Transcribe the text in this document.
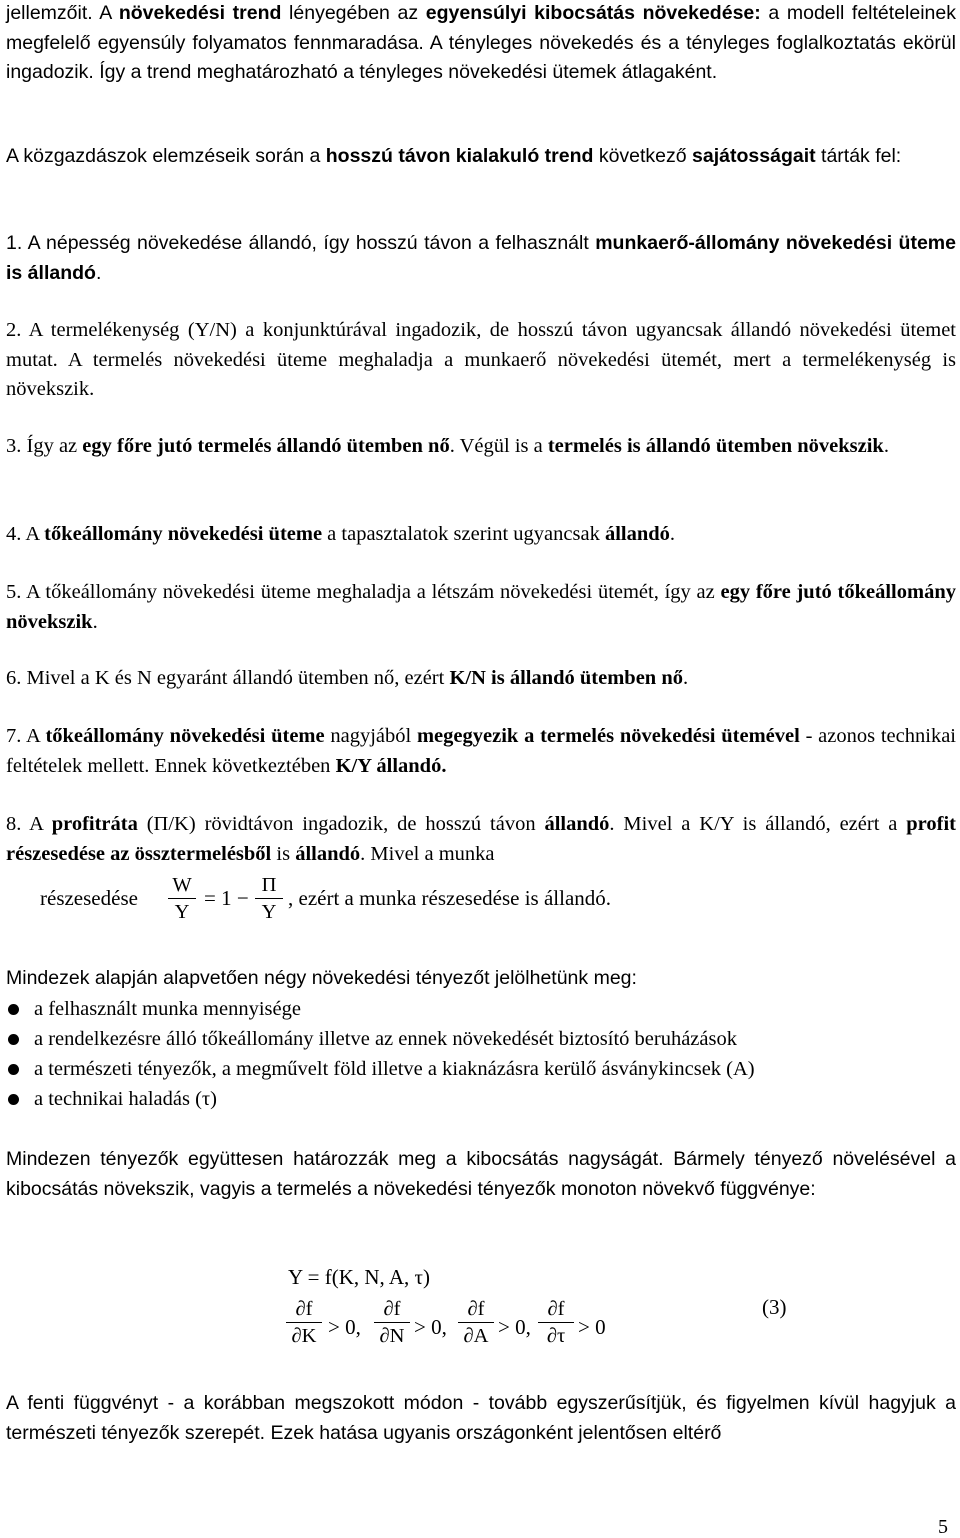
jellemzőit. A növekedési trend lényegében az egyensúlyi kibocsátás növekedése: a modell feltételeinek megfelelő egyensúly folyamatos fennmaradása. A tényleges növekedés és a tényleges foglalkoztatás ekörül ingadozik. Így a trend meghatározható a tényleges növekedési ütemek átlagaként.

A közgazdászok elemzéseik során a hosszú távon kialakuló trend következő sajátosságait tárták fel:

1. A népesség növekedése állandó, így hosszú távon a felhasznált munkaerő-állomány növekedési üteme is állandó.

2. A termelékenység (Y/N) a konjunktúrával ingadozik, de hosszú távon ugyancsak állandó növekedési ütemet mutat. A termelés növekedési üteme meghaladja a munkaerő növekedési ütemét, mert a termelékenység is növekszik.

3. Így az egy főre jutó termelés állandó ütemben nő. Végül is a termelés is állandó ütemben növekszik.

4. A tőkeállomány növekedési üteme a tapasztalatok szerint ugyancsak állandó.

5. A tőkeállomány növekedési üteme meghaladja a létszám növekedési ütemét, így az egy főre jutó tőkeállomány növekszik.

6. Mivel a K és N egyaránt állandó ütemben nő, ezért K/N is állandó ütemben nő.

7. A tőkeállomány növekedési üteme nagyjából megegyezik a termelés növekedési ütemével - azonos technikai feltételek mellett. Ennek következtében K/Y állandó.

8. A profitráta (Π/K) rövidtávon ingadozik, de hosszú távon állandó. Mivel a K/Y is állandó, ezért a profit részesedése az össztermelésből is állandó. Mivel a munka

részesedése $\frac{W}{Y} = 1 - \frac{\Pi}{Y}$ , ezért a munka részesedése is állandó.

Mindezek alapján alapvetően négy növekedési tényezőt jelölhetünk meg:

a felhasznált munka mennyisége
a rendelkezésre álló tőkeállomány illetve az ennek növekedését biztosító beruházások
a természeti tényezők, a megművelt föld illetve a kiaknázásra kerülő ásványkincsek (A)
a technikai haladás (τ)

Mindezen tényezők együttesen határozzák meg a kibocsátás nagyságát. Bármely tényező növelésével a kibocsátás növekszik, vagyis a termelés a növekedési tényezők monoton növekvő függvénye:

Y = f(K, N, A, τ)
$\frac{\partial f}{\partial K} > 0$, $\frac{\partial f}{\partial N} > 0$, $\frac{\partial f}{\partial A} > 0$, $\frac{\partial f}{\partial\tau} > 0$
(3)

A fenti függvényt - a korábban megszokott módon - tovább egyszerűsítjük, és figyelmen kívül hagyjuk a természeti tényezők szerepét. Ezek hatása ugyanis országonként jelentősen eltérő

5
